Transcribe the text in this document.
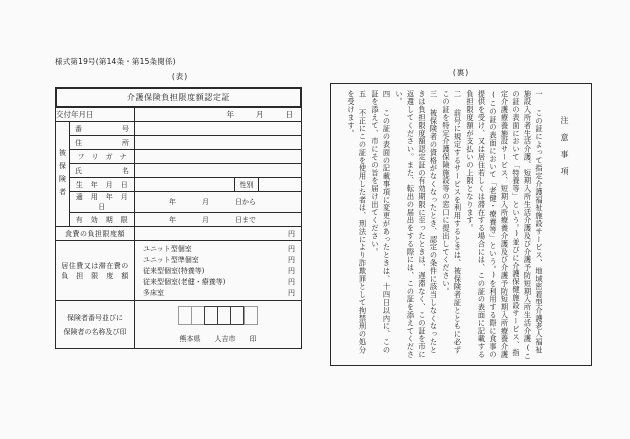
様式第19号(第14条・第15条関係)
(表)
介護保険負担限度額認定証				

交付年月日		年 月 日		

被保険者	番 号			

	住 所			

	フ リ ガ ナ			

	氏 名			

	生　年　月　日		性別	

	適　用　年　月　日	年 月 日から		

	有　効　期　限	年 月 日まで		

食費の負担限度額		円		

居住費又は滞在費の
負　担　限　度　額

ユニット型個室	円
ユニット型準個室	円
従来型個室(特養等)	円
従来型個室(老健・療養等)	円
多床室	円

保険者番号並びに
保険者の名称及び印

熊本県 人吉市 印
(裏)
注意事項
一　この証によって指定介護福祉施設サービス、地域密着型介護老人福祉施設入所者生活介護、短期入所生活介護及び介護予防短期入所生活介護(この証の表面において「特養等」という。)並びに介護保健施設サービス、指定介護療養施設サービス、短期入所療養介護及び介護予防短期入所療養介護(この証の表面において「老健・療養等」という。)を利用する際に食事の提供を受け、又は居住若しくは滞在する場合には、この証の表面に記載する負担限度額が支払いの上限となります。
二　前号に規定するサービスを利用するときは、被保険者証とともに必ずこの証を特定介護保険施設等の窓口に提出してください。
三　被保険者の資格がなくなったとき、認定の条件に該当しなくなったときは負担限度額認定証の有効期限に至ったときは、遅滞なく、この証を市に返還してください。また、転出の届出をする際には、この証を添えてください。
四　この証の表面の記載事項に変更があったときは、十四日以内に、この証を添えて、市にその旨を届け出てください。
五　不正にこの証を使用した者は、刑法により詐欺罪として拘禁刑の処分を受けます。
